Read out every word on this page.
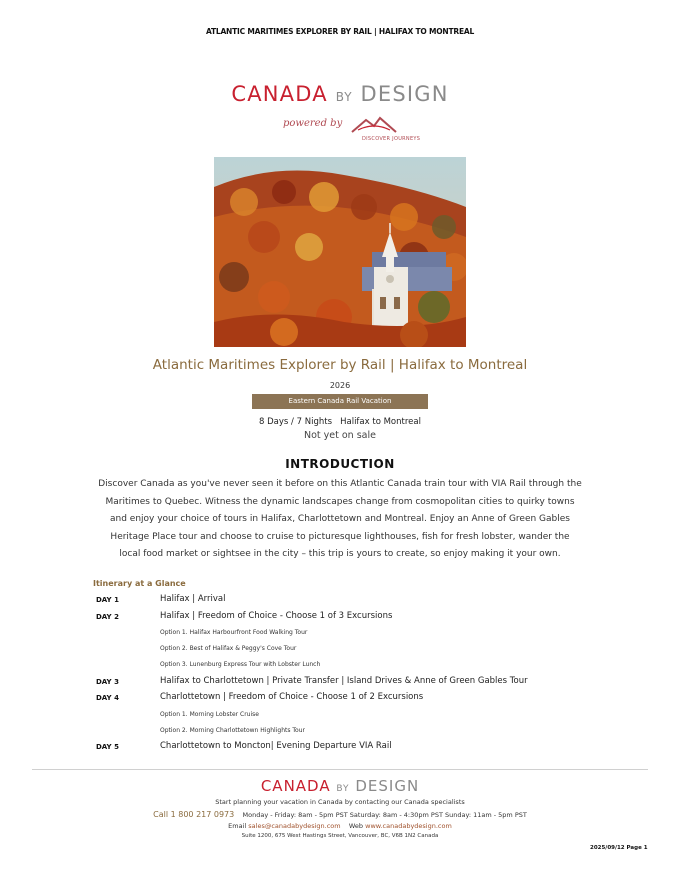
ATLANTIC MARITIMES EXPLORER BY RAIL | HALIFAX TO MONTREAL
CANADA BY DESIGN
powered by
DISCOVER JOURNEYS
Atlantic Maritimes Explorer by Rail | Halifax to Montreal
2026
Eastern Canada Rail Vacation
8 Days / 7 Nights Halifax to Montreal
Not yet on sale
INTRODUCTION
Discover Canada as you've never seen it before on this Atlantic Canada train tour with VIA Rail through the
Maritimes to Quebec. Witness the dynamic landscapes change from cosmopolitan cities to quirky towns
and enjoy your choice of tours in Halifax, Charlottetown and Montreal. Enjoy an Anne of Green Gables
Heritage Place tour and choose to cruise to picturesque lighthouses, fish for fresh lobster, wander the
local food market or sightsee in the city – this trip is yours to create, so enjoy making it your own.
Itinerary at a Glance
DAY 1	Halifax | Arrival
DAY 2	Halifax | Freedom of Choice - Choose 1 of 3 Excursions
Option 1. Halifax Harbourfront Food Walking Tour
Option 2. Best of Halifax & Peggy's Cove Tour
Option 3. Lunenburg Express Tour with Lobster Lunch
DAY 3	Halifax to Charlottetown | Private Transfer | Island Drives & Anne of Green Gables Tour
DAY 4	Charlottetown | Freedom of Choice - Choose 1 of 2 Excursions
Option 1. Morning Lobster Cruise
Option 2. Morning Charlottetown Highlights Tour
DAY 5	Charlottetown to Moncton| Evening Departure VIA Rail
CANADA BY DESIGN
Start planning your vacation in Canada by contacting our Canada specialists
Call 1 800 217 0973 Monday - Friday: 8am - 5pm PST Saturday: 8am - 4:30pm PST Sunday: 11am - 5pm PST
Email sales@canadabydesign.com Web www.canadabydesign.com
Suite 1200, 675 West Hastings Street, Vancouver, BC, V6B 1N2 Canada
2025/09/12 Page 1
